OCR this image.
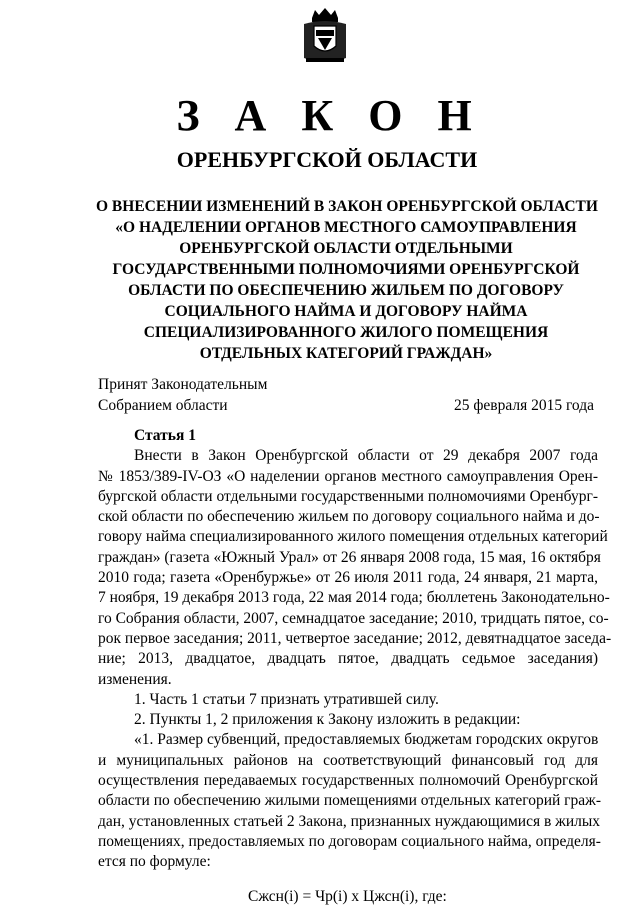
З А К О Н
ОРЕНБУРГСКОЙ ОБЛАСТИ
О ВНЕСЕНИИ ИЗМЕНЕНИЙ В ЗАКОН ОРЕНБУРГСКОЙ ОБЛАСТИ
«О НАДЕЛЕНИИ ОРГАНОВ МЕСТНОГО САМОУПРАВЛЕНИЯ
ОРЕНБУРГСКОЙ ОБЛАСТИ ОТДЕЛЬНЫМИ
ГОСУДАРСТВЕННЫМИ ПОЛНОМОЧИЯМИ ОРЕНБУРГСКОЙ
ОБЛАСТИ ПО ОБЕСПЕЧЕНИЮ ЖИЛЬЕМ ПО ДОГОВОРУ
СОЦИАЛЬНОГО НАЙМА И ДОГОВОРУ НАЙМА
СПЕЦИАЛИЗИРОВАННОГО ЖИЛОГО ПОМЕЩЕНИЯ
ОТДЕЛЬНЫХ КАТЕГОРИЙ ГРАЖДАН»
Принят Законодательным
Собранием области	25 февраля 2015 года
Статья 1
Внести в Закон Оренбургской области от 29 декабря 2007 года
№ 1853/389-IV-ОЗ «О наделении органов местного самоуправления Орен-
бургской области отдельными государственными полномочиями Оренбург-
ской области по обеспечению жильем по договору социального найма и до-
говору найма специализированного жилого помещения отдельных категорий
граждан» (газета «Южный Урал» от 26 января 2008 года, 15 мая, 16 октября
2010 года; газета «Оренбуржье» от 26 июля 2011 года, 24 января, 21 марта,
7 ноября, 19 декабря 2013 года, 22 мая 2014 года; бюллетень Законодательно-
го Собрания области, 2007, семнадцатое заседание; 2010, тридцать пятое, со-
рок первое заседания; 2011, четвертое заседание; 2012, девятнадцатое заседа-
ние; 2013, двадцатое, двадцать пятое, двадцать седьмое заседания)
изменения.
1. Часть 1 статьи 7 признать утратившей силу.
2. Пункты 1, 2 приложения к Закону изложить в редакции:
«1. Размер субвенций, предоставляемых бюджетам городских округов
и муниципальных районов на соответствующий финансовый год для
осуществления передаваемых государственных полномочий Оренбургской
области по обеспечению жилыми помещениями отдельных категорий граж-
дан, установленных статьей 2 Закона, признанных нуждающимися в жилых
помещениях, предоставляемых по договорам социального найма, определя-
ется по формуле:
Сжсн(i) = Чр(i) х Цжсн(i), где:
